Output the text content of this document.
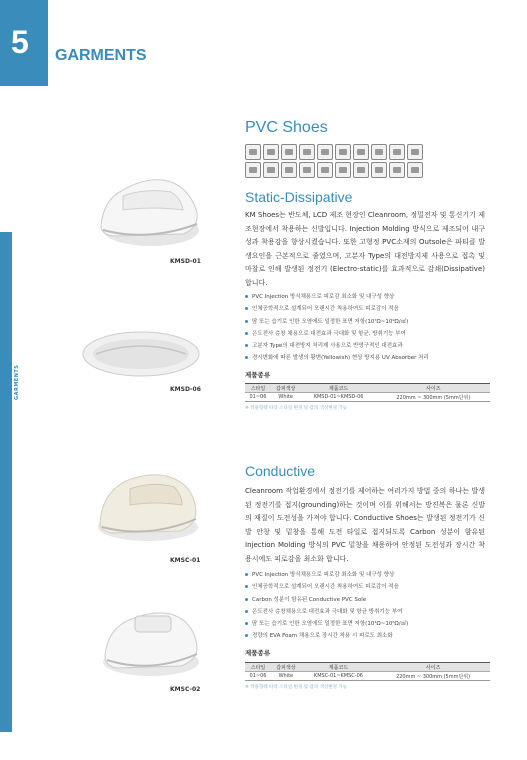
5 GARMENTS
GARMENTS
PVC Shoes
Static-Dissipative

KM Shoes는 반도체, LCD 제조 현장인 Cleanroom, 정밀전자 및 통신기기 제조현장에서 착용하는 신발입니다. Injection Molding 방식으로 제조되어 내구성과 착용감을 향상시켰습니다. 또한 고형정 PVC소재의 Outsole은 파티클 발생요인을 근본적으로 줄였으며, 고분자 Type의 대전방지제 사용으로 접촉 및 마찰로 인해 발생된 정전기 (Electro-static)를 효과적으로 감쇄(Dissipative)합니다.

PVC Injection 방식채용으로 피로감 최소화 및 내구성 향상
인체공학적으로 설계되어 오랜시간 착용하여도 피로감이 적음
땀 또는 습기로 인한 오염에도 일정한 표면 저항(10⁷Ω~10⁹Ω/㎠)
은도전사 층창 채용으로 대전효과 극대화 및 항균, 방취기능 부여
고분자 Type의 대전방지 처리제 사용으로 반영구적인 대전효과
경시변화에 따른 발생의 황변(Yellowish) 현상 방지용 UV Absorber 처리
제품종류
스타일	갑피색상	제품코드	사이즈
01~06	White	KMSD-01~KMSD-06	220mm ~ 300mm (5mm단위)
※ 착용형태 따라 스타일 변경 및 갑피 색상변경 가능
Conductive

Cleanroom 작업환경에서 정전기를 제어하는 여러가지 방법 중의 하나는 발생된 정전기를 접지(grounding)하는 것이며 이를 위해서는 방진복은 물론 신발의 재질이 도전성을 가져야 합니다. Conductive Shoes는 발생된 정전기가 신발 안창 및 밑창을 통해 도전 타일로 접지되도록 Carbon 성분이 함유된 Injection Molding 방식의 PVC 밑창을 채용하여 안정된 도전성과 장시간 착용시에도 피로감을 최소화 합니다.

PVC Injection 방식채용으로 피로감 최소화 및 내구성 향상
인체공학적으로 설계되어 오랜시간 착용하여도 피로감이 적음
Carbon 성분이 함유된 Conductive PVC Sole
은도전사 층창채용으로 대전효과 극대화 및 항균 방취기능 부여
땀 또는 습기로 인한 오염에도 일정한 표면 저항(10⁴Ω~10⁶Ω/㎠)
경량의 EVA Foam 채용으로 장시간 착용 시 피로도 최소화
제품종류
스타일	갑피색상	제품코드	사이즈
01~06	White	KMSC-01~KMSC-06	220mm ~ 300mm (5mm단위)
※ 착용형태 따라 스타일 변경 및 갑피 색상변경 가능
KMSD-01
KMSD-06
KMSC-01
KMSC-02
